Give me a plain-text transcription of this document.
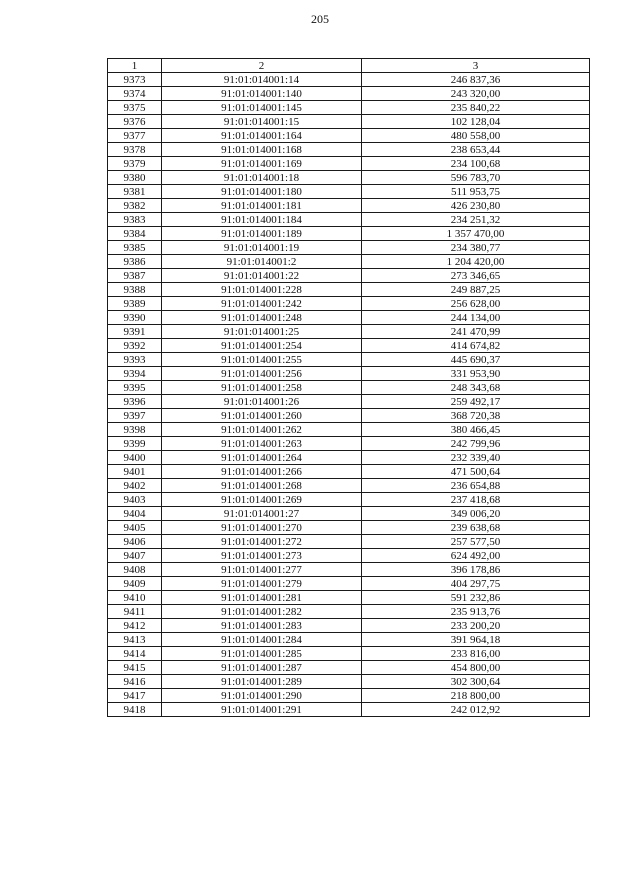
205
1	2	3
9373	91:01:014001:14	246 837,36
9374	91:01:014001:140	243 320,00
9375	91:01:014001:145	235 840,22
9376	91:01:014001:15	102 128,04
9377	91:01:014001:164	480 558,00
9378	91:01:014001:168	238 653,44
9379	91:01:014001:169	234 100,68
9380	91:01:014001:18	596 783,70
9381	91:01:014001:180	511 953,75
9382	91:01:014001:181	426 230,80
9383	91:01:014001:184	234 251,32
9384	91:01:014001:189	1 357 470,00
9385	91:01:014001:19	234 380,77
9386	91:01:014001:2	1 204 420,00
9387	91:01:014001:22	273 346,65
9388	91:01:014001:228	249 887,25
9389	91:01:014001:242	256 628,00
9390	91:01:014001:248	244 134,00
9391	91:01:014001:25	241 470,99
9392	91:01:014001:254	414 674,82
9393	91:01:014001:255	445 690,37
9394	91:01:014001:256	331 953,90
9395	91:01:014001:258	248 343,68
9396	91:01:014001:26	259 492,17
9397	91:01:014001:260	368 720,38
9398	91:01:014001:262	380 466,45
9399	91:01:014001:263	242 799,96
9400	91:01:014001:264	232 339,40
9401	91:01:014001:266	471 500,64
9402	91:01:014001:268	236 654,88
9403	91:01:014001:269	237 418,68
9404	91:01:014001:27	349 006,20
9405	91:01:014001:270	239 638,68
9406	91:01:014001:272	257 577,50
9407	91:01:014001:273	624 492,00
9408	91:01:014001:277	396 178,86
9409	91:01:014001:279	404 297,75
9410	91:01:014001:281	591 232,86
9411	91:01:014001:282	235 913,76
9412	91:01:014001:283	233 200,20
9413	91:01:014001:284	391 964,18
9414	91:01:014001:285	233 816,00
9415	91:01:014001:287	454 800,00
9416	91:01:014001:289	302 300,64
9417	91:01:014001:290	218 800,00
9418	91:01:014001:291	242 012,92
